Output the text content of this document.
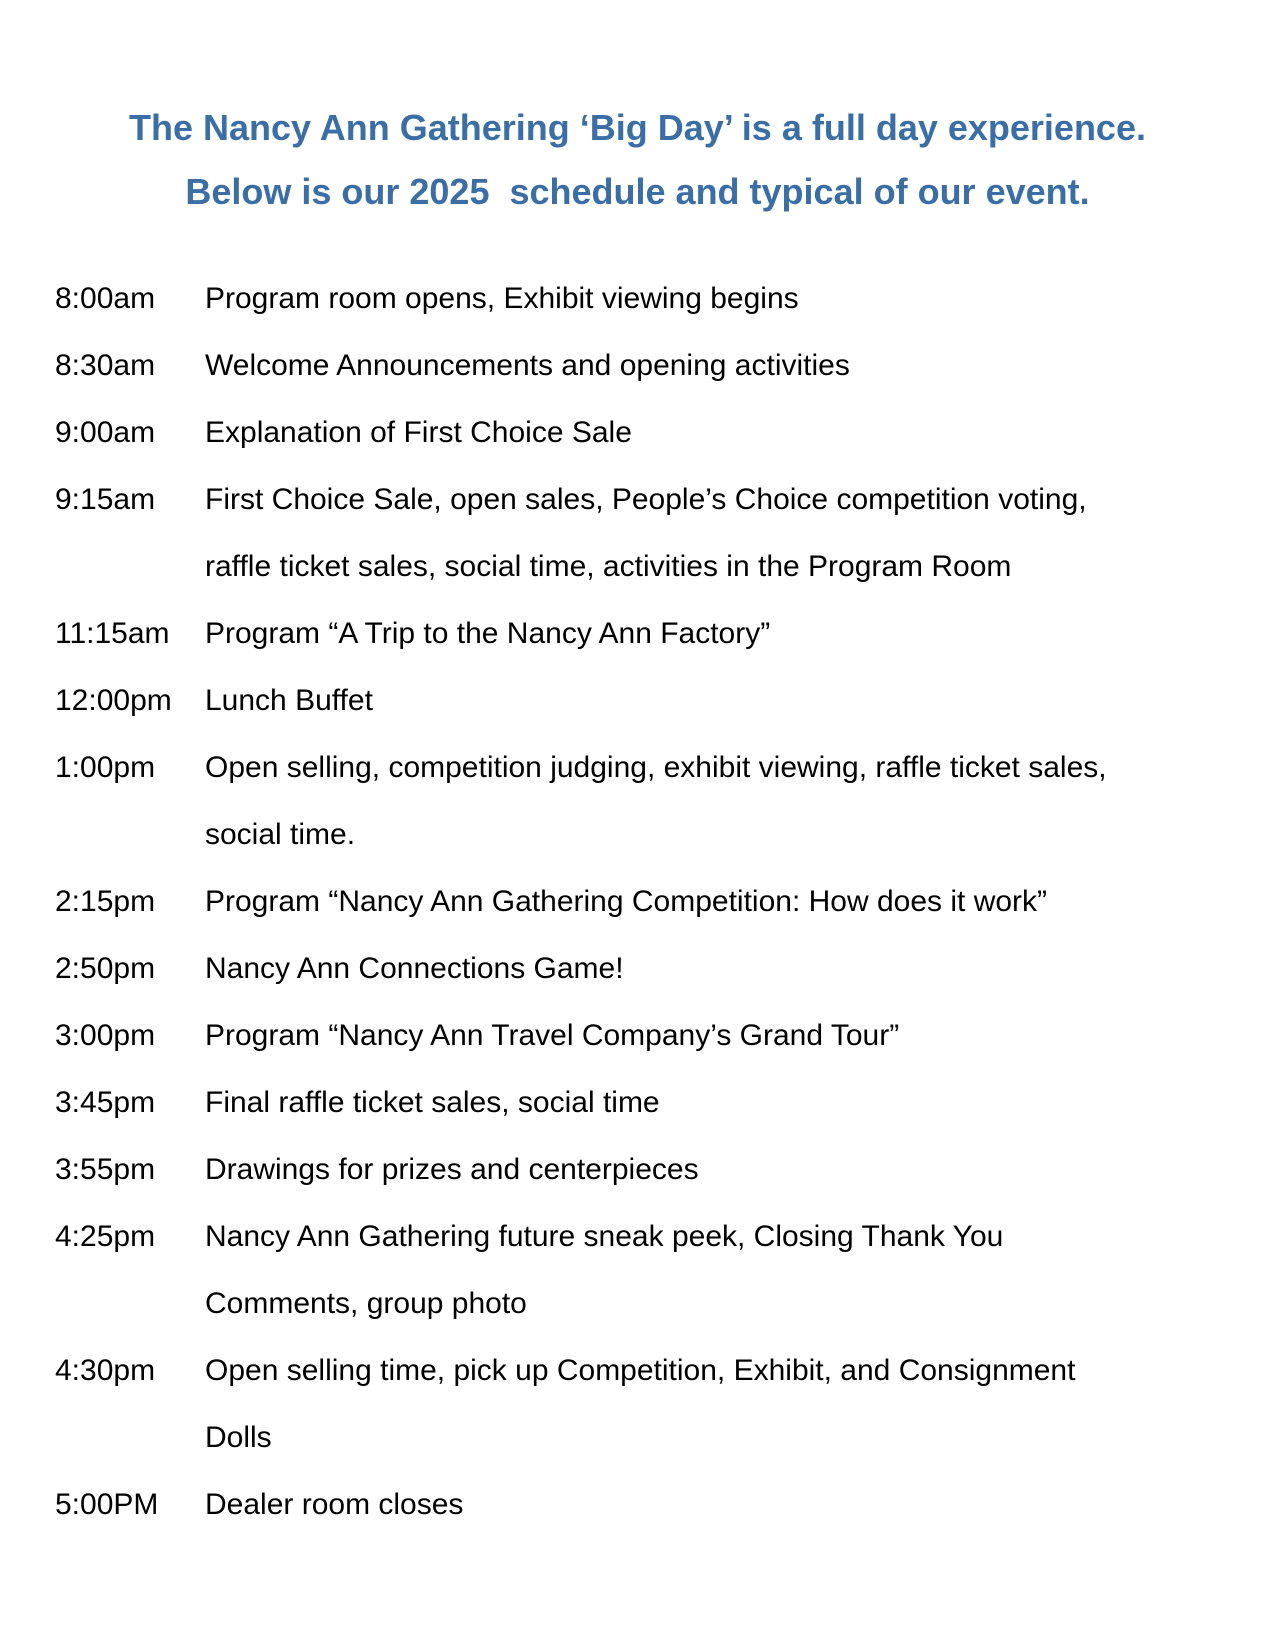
The Nancy Ann Gathering ‘Big Day’ is a full day experience.
Below is our 2025  schedule and typical of our event.
8:00am	Program room opens, Exhibit viewing begins
8:30am	Welcome Announcements and opening activities
9:00am	Explanation of First Choice Sale
9:15am	First Choice Sale, open sales, People’s Choice competition voting,
raffle ticket sales, social time, activities in the Program Room
11:15am	Program “A Trip to the Nancy Ann Factory”
12:00pm	Lunch Buffet
1:00pm	Open selling, competition judging, exhibit viewing, raffle ticket sales,
social time.
2:15pm	Program “Nancy Ann Gathering Competition: How does it work”
2:50pm	Nancy Ann Connections Game!
3:00pm	Program “Nancy Ann Travel Company’s Grand Tour”
3:45pm	Final raffle ticket sales, social time
3:55pm	Drawings for prizes and centerpieces
4:25pm	Nancy Ann Gathering future sneak peek, Closing Thank You
Comments, group photo
4:30pm	Open selling time, pick up Competition, Exhibit, and Consignment
Dolls
5:00PM	Dealer room closes
